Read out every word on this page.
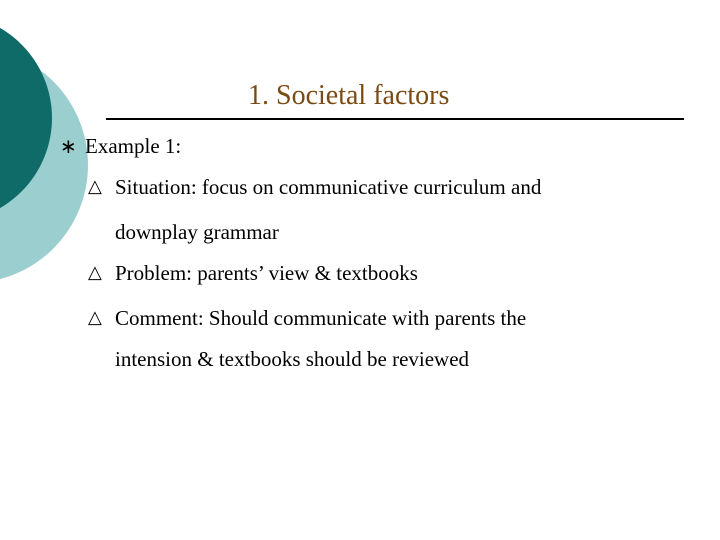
1. Societal factors
∗ Example 1:
△ Situation: focus on communicative curriculum and
downplay grammar
△ Problem: parents’ view & textbooks
△ Comment: Should communicate with parents the
intension & textbooks should be reviewed
